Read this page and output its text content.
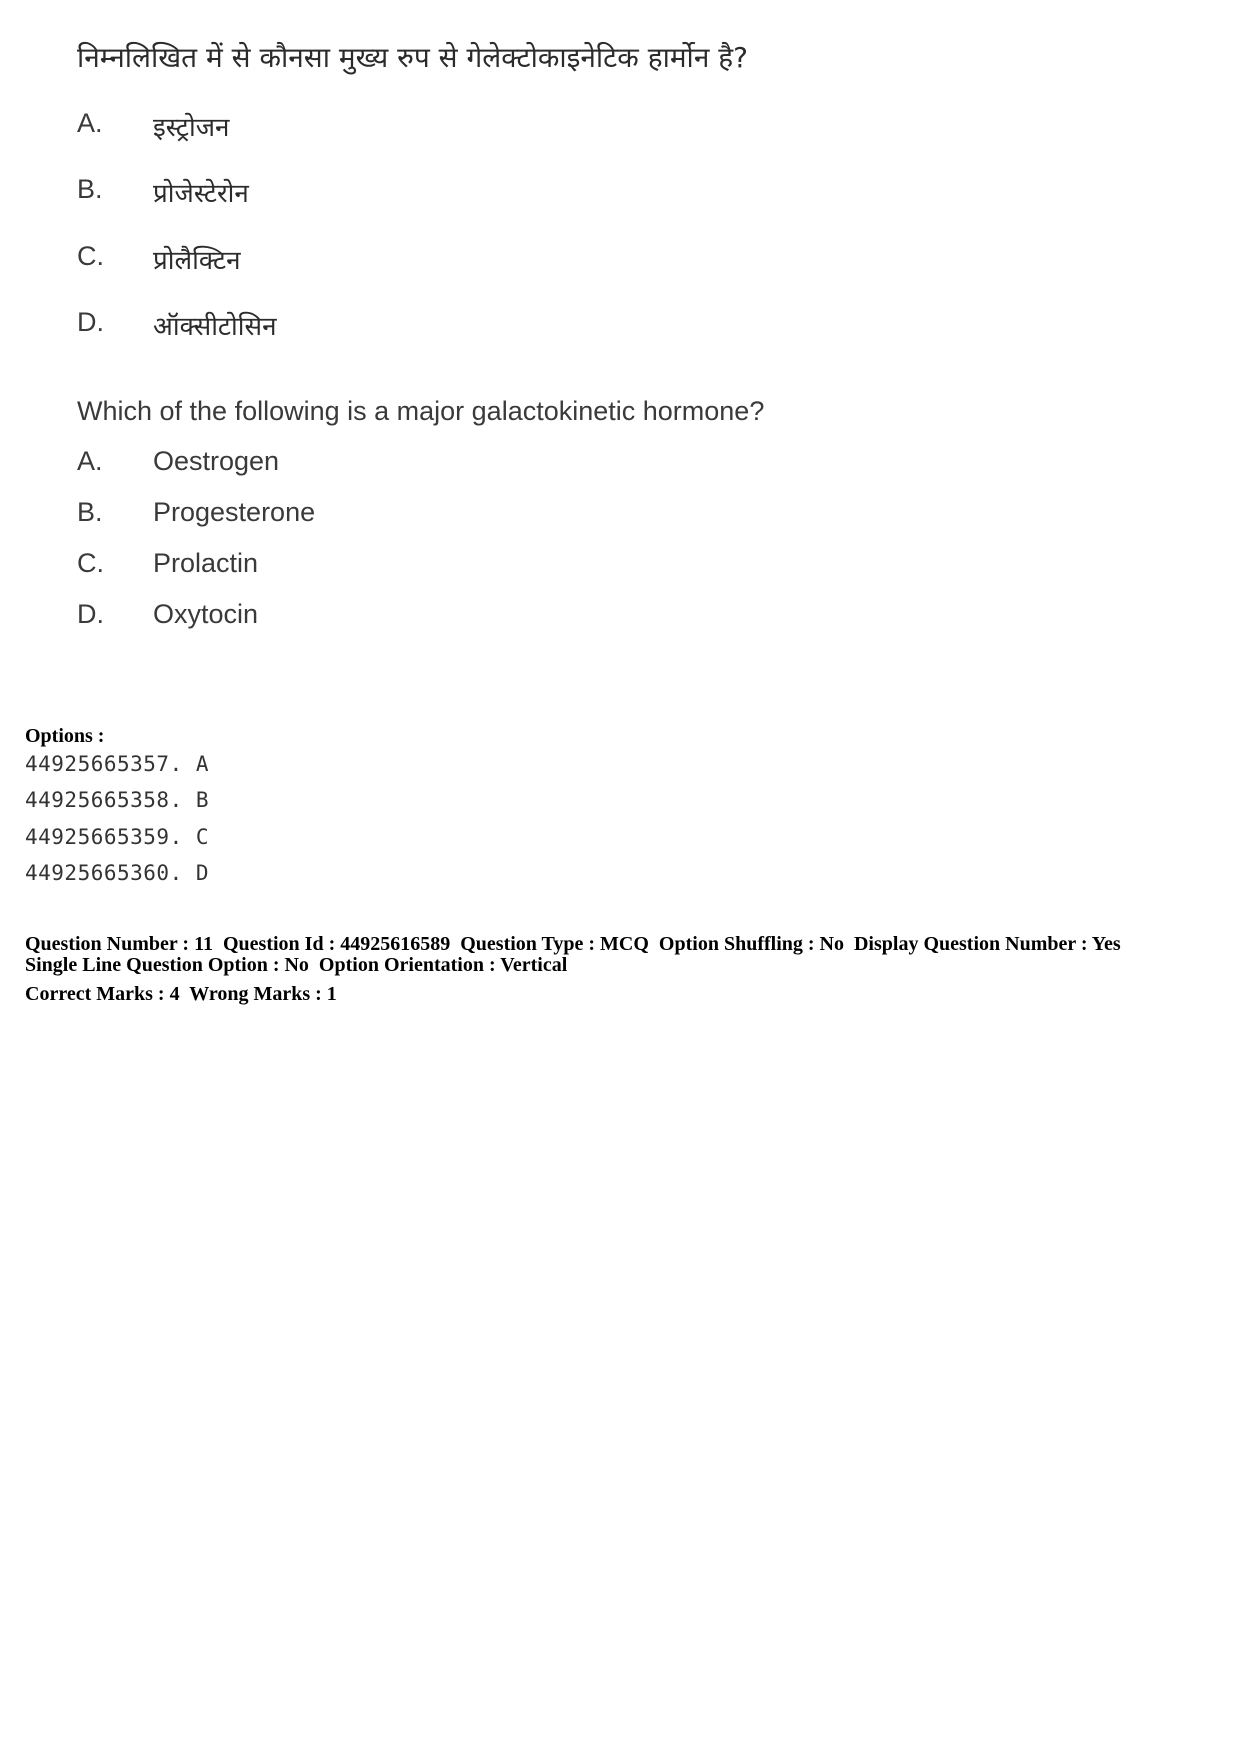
निम्नलिखित में से कौनसा मुख्य रुप से गेलेक्टोकाइनेटिक हार्मोन है?
A.	इस्ट्रोजन
B.	प्रोजेस्टेरोन
C.	प्रोलैक्टिन
D.	ऑक्सीटोसिन
Which of the following is a major galactokinetic hormone?
A.	Oestrogen
B.	Progesterone
C.	Prolactin
D.	Oxytocin
Options :
44925665357. A
44925665358. B
44925665359. C
44925665360. D
Question Number : 11  Question Id : 44925616589  Question Type : MCQ  Option Shuffling : No  Display Question Number : Yes
Single Line Question Option : No  Option Orientation : Vertical
Correct Marks : 4  Wrong Marks : 1
